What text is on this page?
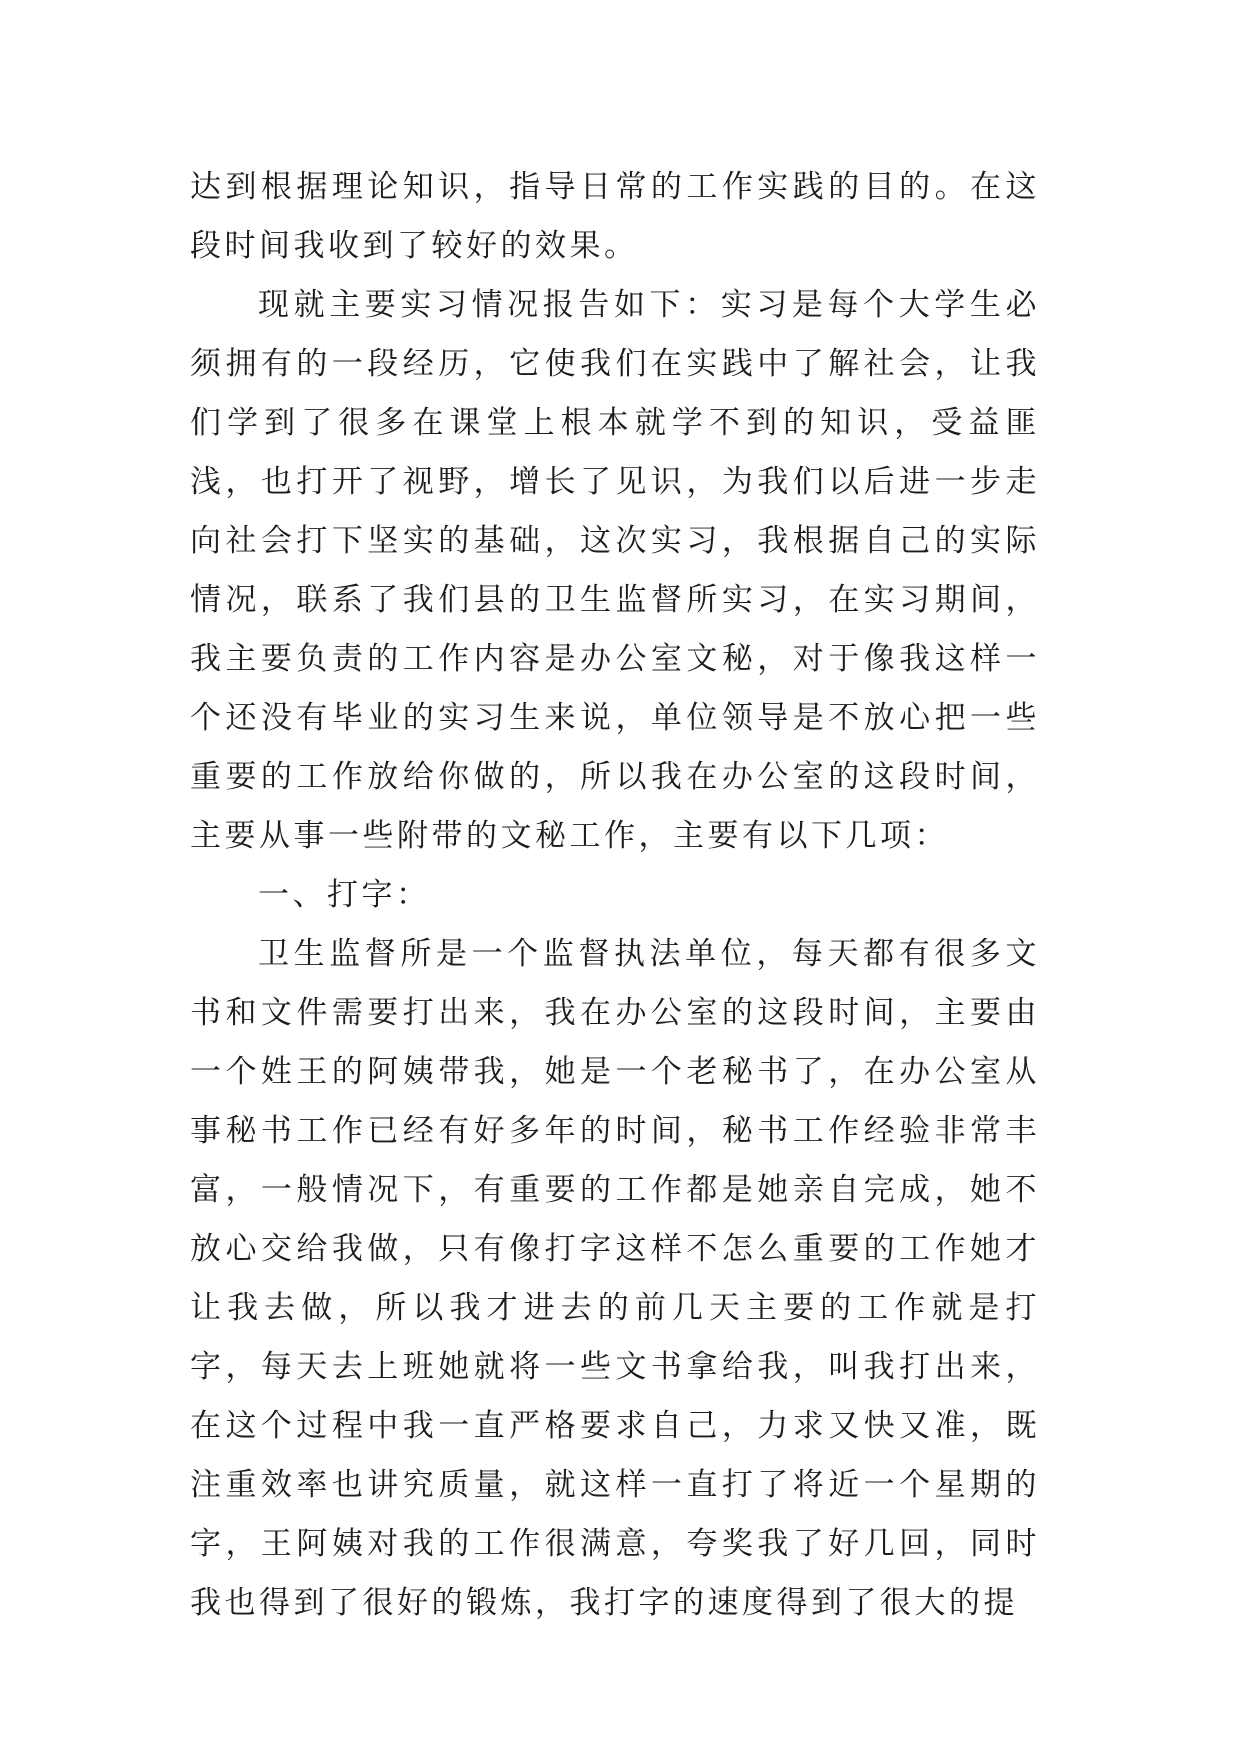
达到根据理论知识，指导日常的工作实践的目的。在这段时间我收到了较好的效果。

现就主要实习情况报告如下：实习是每个大学生必须拥有的一段经历，它使我们在实践中了解社会，让我们学到了很多在课堂上根本就学不到的知识，受益匪浅，也打开了视野，增长了见识，为我们以后进一步走向社会打下坚实的基础，这次实习，我根据自己的实际情况，联系了我们县的卫生监督所实习，在实习期间，我主要负责的工作内容是办公室文秘，对于像我这样一个还没有毕业的实习生来说，单位领导是不放心把一些重要的工作放给你做的，所以我在办公室的这段时间，主要从事一些附带的文秘工作，主要有以下几项：

一、打字：

卫生监督所是一个监督执法单位，每天都有很多文书和文件需要打出来，我在办公室的这段时间，主要由一个姓王的阿姨带我，她是一个老秘书了，在办公室从事秘书工作已经有好多年的时间，秘书工作经验非常丰富，一般情况下，有重要的工作都是她亲自完成，她不放心交给我做，只有像打字这样不怎么重要的工作她才让我去做，所以我才进去的前几天主要的工作就是打字，每天去上班她就将一些文书拿给我，叫我打出来，在这个过程中我一直严格要求自己，力求又快又准，既注重效率也讲究质量，就这样一直打了将近一个星期的字，王阿姨对我的工作很满意，夸奖我了好几回，同时我也得到了很好的锻炼，我打字的速度得到了很大的提
